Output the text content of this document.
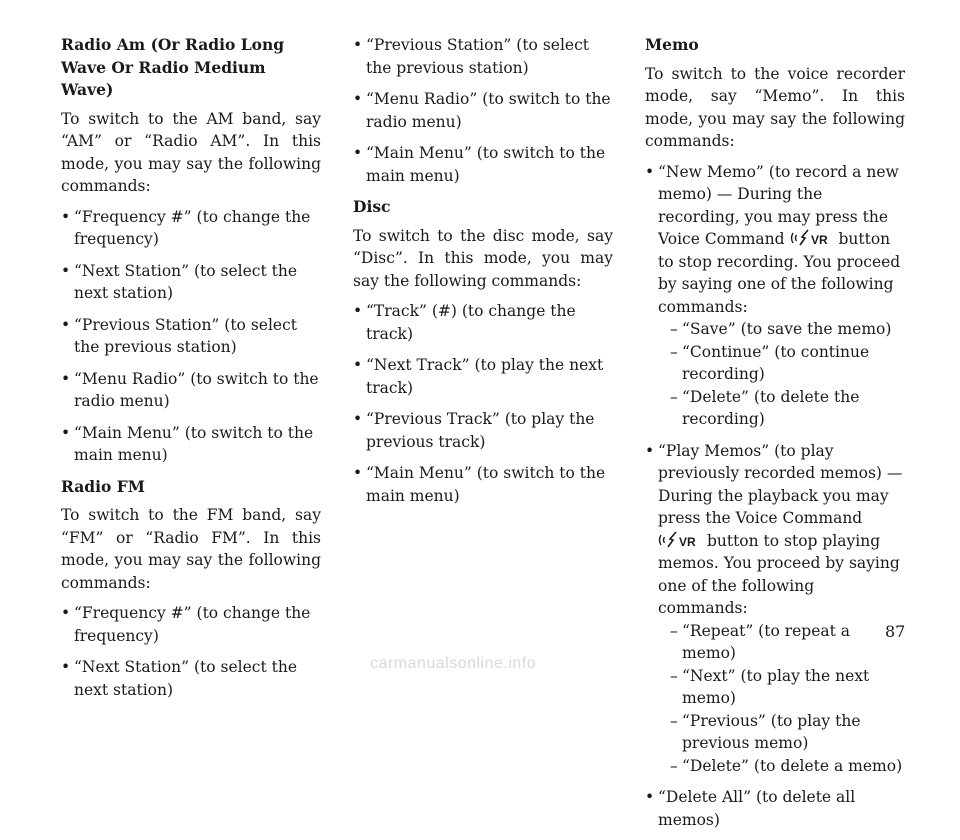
Radio Am (Or Radio Long Wave Or Radio Medium Wave)
To switch to the AM band, say “AM” or “Radio AM”. In this mode, you may say the following commands:
• “Frequency #” (to change the frequency)
• “Next Station” (to select the next station)
• “Previous Station” (to select the previous station)
• “Menu Radio” (to switch to the radio menu)
• “Main Menu” (to switch to the main menu)
Radio FM
To switch to the FM band, say “FM” or “Radio FM”. In this mode, you may say the following commands:
• “Frequency #” (to change the frequency)
• “Next Station” (to select the next station)
• “Previous Station” (to select the previous station)
• “Menu Radio” (to switch to the radio menu)
• “Main Menu” (to switch to the main menu)
Disc
To switch to the disc mode, say “Disc”. In this mode, you may say the following commands:
• “Track” (#) (to change the track)
• “Next Track” (to play the next track)
• “Previous Track” (to play the previous track)
• “Main Menu” (to switch to the main menu)
Memo
To switch to the voice recorder mode, say “Memo”. In this mode, you may say the following commands:
• “New Memo” (to record a new memo) — During the recording, you may press the Voice Command VR button to stop recording. You proceed by saying one of the following commands:
– “Save” (to save the memo)
– “Continue” (to continue recording)
– “Delete” (to delete the recording)
• “Play Memos” (to play previously recorded memos) — During the playback you may press the Voice Command
VR button to stop playing memos. You proceed by saying one of the following commands:
– “Repeat” (to repeat a memo)
– “Next” (to play the next memo)
– “Previous” (to play the previous memo)
– “Delete” (to delete a memo)
• “Delete All” (to delete all memos)
87
carmanualsonline.info
